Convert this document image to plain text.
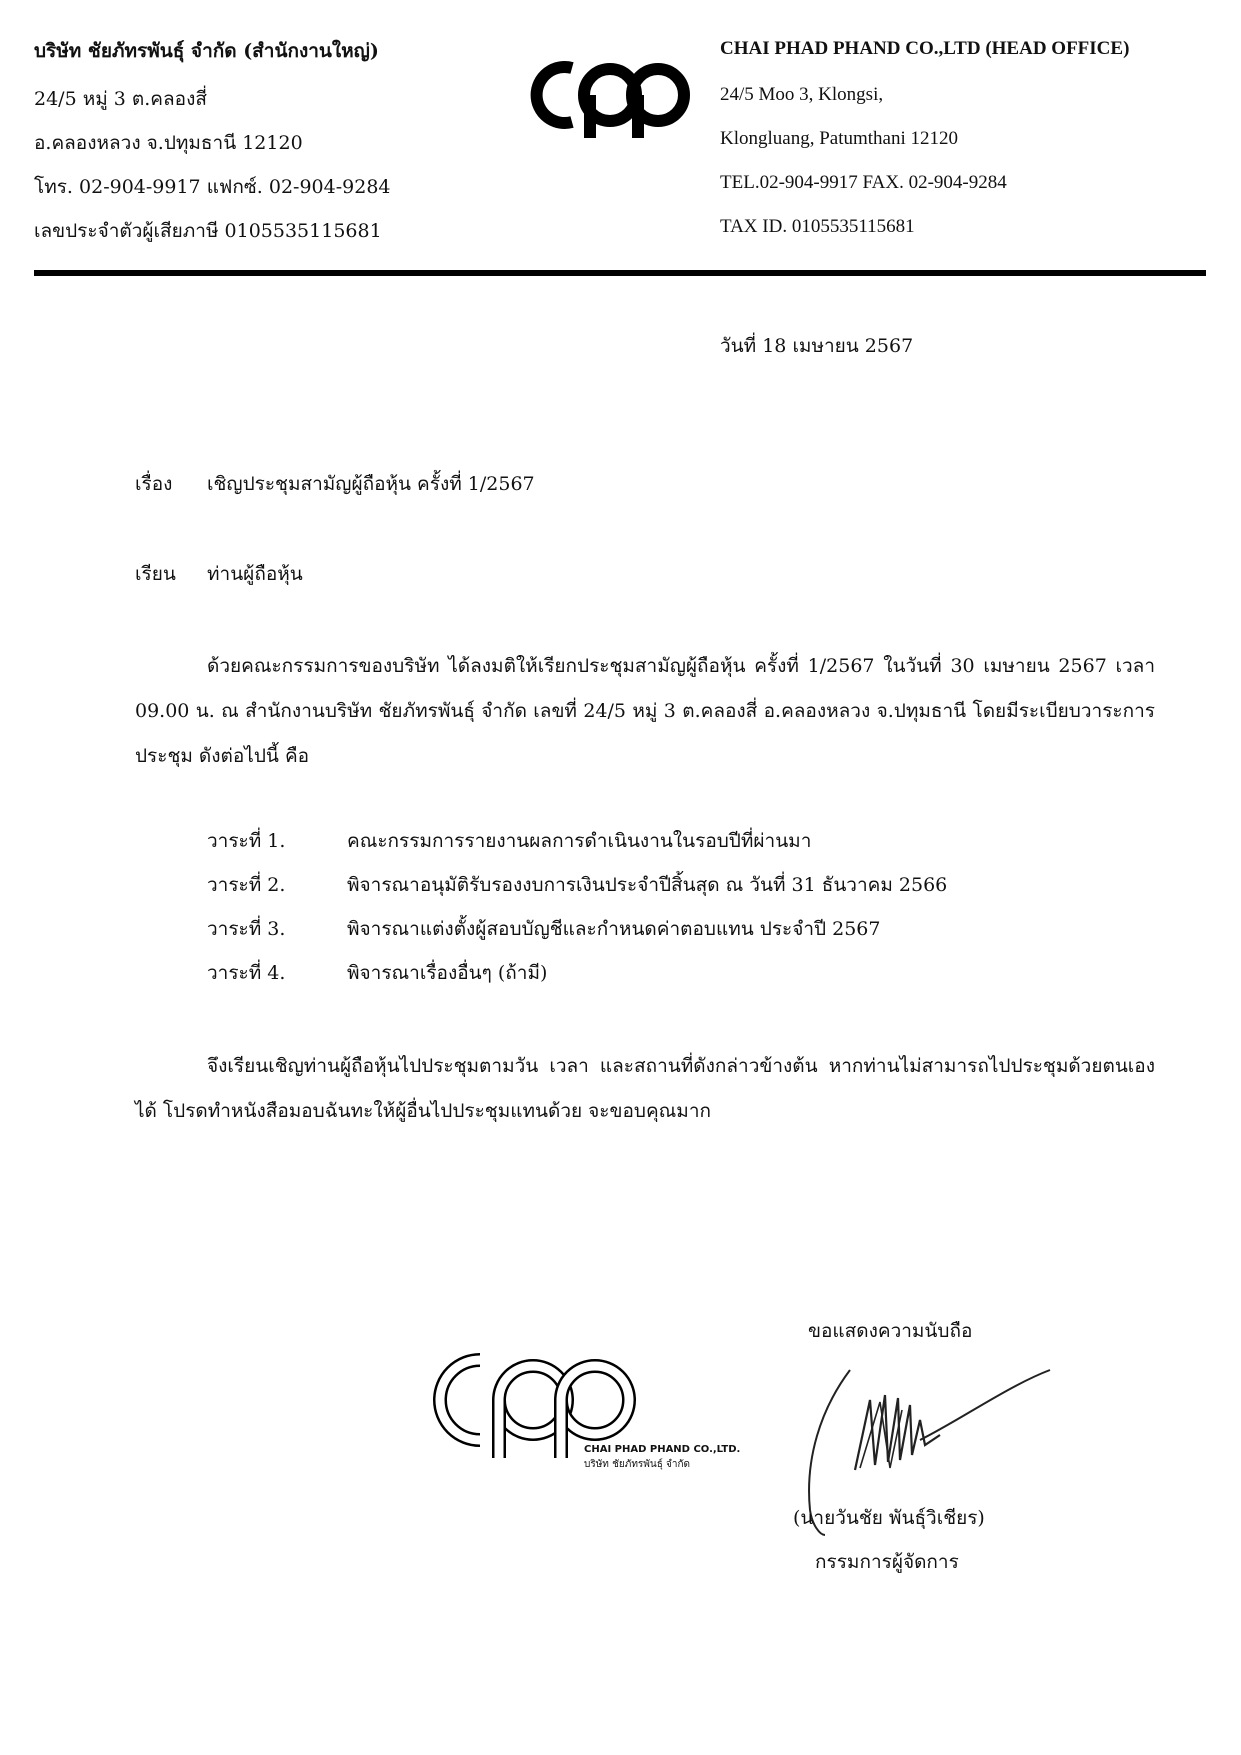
บริษัท ชัยภัทรพันธุ์ จำกัด (สำนักงานใหญ่)
24/5 หมู่ 3 ต.คลองสี่
อ.คลองหลวง จ.ปทุมธานี 12120
โทร. 02-904-9917 แฟกซ์. 02-904-9284
เลขประจำตัวผู้เสียภาษี 0105535115681
CHAI PHAD PHAND CO.,LTD (HEAD OFFICE)
24/5 Moo 3, Klongsi,
Klongluang, Patumthani 12120
TEL.02-904-9917 FAX. 02-904-9284
TAX ID. 0105535115681
วันที่ 18 เมษายน 2567
เรื่อง เชิญประชุมสามัญผู้ถือหุ้น ครั้งที่ 1/2567
เรียน ท่านผู้ถือหุ้น
ด้วยคณะกรรมการของบริษัท ได้ลงมติให้เรียกประชุมสามัญผู้ถือหุ้น ครั้งที่ 1/2567 ในวันที่ 30 เมษายน 2567 เวลา 09.00 น. ณ สำนักงานบริษัท ชัยภัทรพันธุ์ จำกัด เลขที่ 24/5 หมู่ 3 ต.คลองสี่ อ.คลองหลวง จ.ปทุมธานี โดยมีระเบียบวาระการประชุม ดังต่อไปนี้ คือ
วาระที่ 1.	คณะกรรมการรายงานผลการดำเนินงานในรอบปีที่ผ่านมา
วาระที่ 2.	พิจารณาอนุมัติรับรองงบการเงินประจำปีสิ้นสุด ณ วันที่ 31 ธันวาคม 2566
วาระที่ 3.	พิจารณาแต่งตั้งผู้สอบบัญชีและกำหนดค่าตอบแทน ประจำปี 2567
วาระที่ 4.	พิจารณาเรื่องอื่นๆ (ถ้ามี)
จึงเรียนเชิญท่านผู้ถือหุ้นไปประชุมตามวัน เวลา และสถานที่ดังกล่าวข้างต้น หากท่านไม่สามารถไปประชุมด้วยตนเองได้ โปรดทำหนังสือมอบฉันทะให้ผู้อื่นไปประชุมแทนด้วย จะขอบคุณมาก
ขอแสดงความนับถือ
(นายวันชัย พันธุ์วิเชียร)
กรรมการผู้จัดการ
CHAI PHAD PHAND CO.,LTD.
บริษัท ชัยภัทรพันธุ์ จำกัด
